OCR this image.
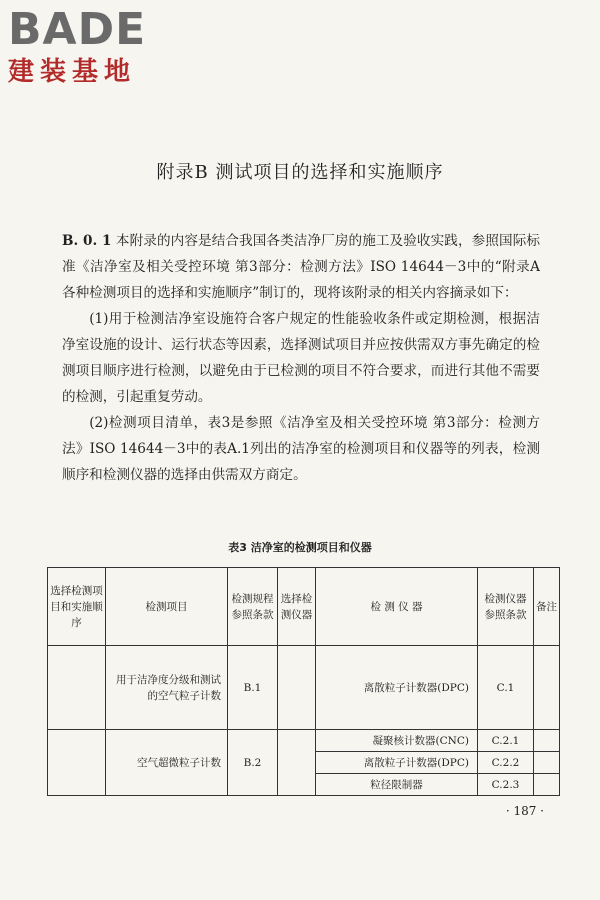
BADE
建装基地
附录B 测试项目的选择和实施顺序

B. 0. 1 本附录的内容是结合我国各类洁净厂房的施工及验收实践，参照国际标准《洁净室及相关受控环境 第3部分：检测方法》ISO 14644－3中的“附录A各种检测项目的选择和实施顺序”制订的，现将该附录的相关内容摘录如下：

(1)用于检测洁净室设施符合客户规定的性能验收条件或定期检测，根据洁净室设施的设计、运行状态等因素，选择测试项目并应按供需双方事先确定的检测项目顺序进行检测，以避免由于已检测的项目不符合要求，而进行其他不需要的检测，引起重复劳动。

(2)检测项目清单，表3是参照《洁净室及相关受控环境 第3部分：检测方法》ISO 14644－3中的表A.1列出的洁净室的检测项目和仪器等的列表，检测顺序和检测仪器的选择由供需双方商定。

表3 洁净室的检测项目和仪器
选择检测项目和实施顺序	检测项目	检测规程参照条款	选择检测仪器	检 测 仪 器	检测仪器参照条款	备注
	用于洁净度分级和测试的空气粒子计数	B.1		离散粒子计数器(DPC)	C.1	
	空气超微粒子计数	B.2		凝聚核计数器(CNC)	C.2.1	
				离散粒子计数器(DPC)	C.2.2	
				粒径限制器	C.2.3	
· 187 ·
